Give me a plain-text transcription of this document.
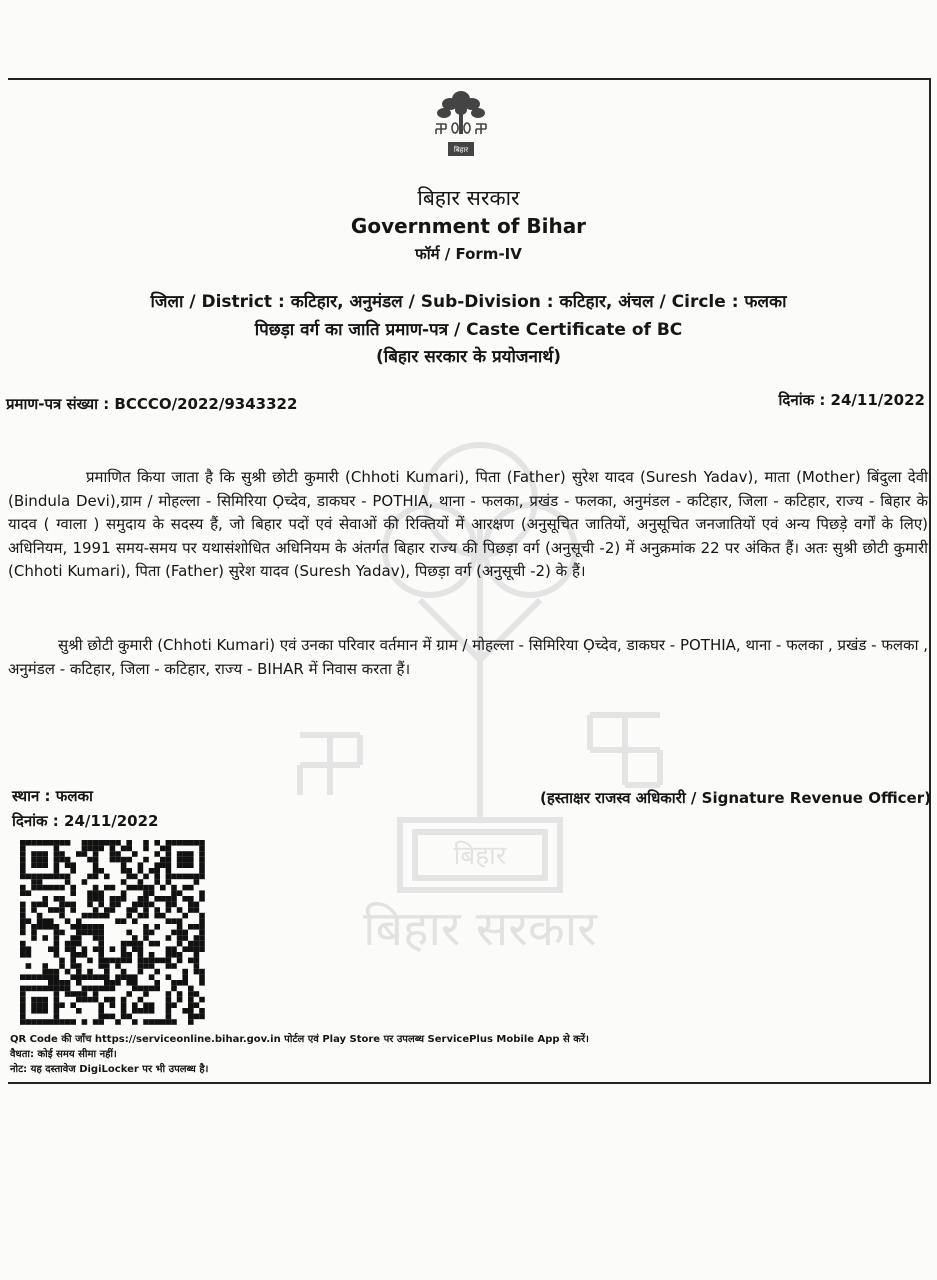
बिहार सरकार
बिहार
बिहार
बिहार सरकार
Government of Bihar
फॉर्म / Form-IV
जिला / District : कटिहार, अनुमंडल / Sub-Division : कटिहार, अंचल / Circle : फलका
पिछड़ा वर्ग का जाति प्रमाण-पत्र / Caste Certificate of BC
(बिहार सरकार के प्रयोजनार्थ)
प्रमाण-पत्र संख्या : BCCCO/2022/9343322	दिनांक : 24/11/2022
प्रमाणित किया जाता है कि सुश्री छोटी कुमारी (Chhoti Kumari), पिता (Father) सुरेश यादव (Suresh Yadav), माता (Mother) बिंदुला देवी (Bindula Devi),ग्राम / मोहल्ला - सिमिरिया Ọच्देव, डाकघर - POTHIA, थाना - फलका, प्रखंड - फलका, अनुमंडल - कटिहार, जिला - कटिहार, राज्य - बिहार के यादव ( ग्वाला ) समुदाय के सदस्य हैं, जो बिहार पदों एवं सेवाओं की रिक्तियों में आरक्षण (अनुसूचित जातियों, अनुसूचित जनजातियों एवं अन्य पिछड़े वर्गों के लिए) अधिनियम, 1991 समय-समय पर यथासंशोधित अधिनियम के अंतर्गत बिहार राज्य की पिछड़ा वर्ग (अनुसूची -2) में अनुक्रमांक 22 पर अंकित हैं। अतः सुश्री छोटी कुमारी (Chhoti Kumari), पिता (Father) सुरेश यादव (Suresh Yadav), पिछड़ा वर्ग (अनुसूची -2) के हैं।
सुश्री छोटी कुमारी (Chhoti Kumari) एवं उनका परिवार वर्तमान में ग्राम / मोहल्ला - सिमिरिया Ọच्देव, डाकघर - POTHIA, थाना - फलका , प्रखंड - फलका , अनुमंडल - कटिहार, जिला - कटिहार, राज्य - BIHAR में निवास करता हैं।
स्थान : फलका
दिनांक : 24/11/2022
(हस्ताक्षर राजस्व अधिकारी / Signature Revenue Officer)
QR Code की जाँच https://serviceonline.bihar.gov.in पोर्टल एवं Play Store पर उपलब्ध ServicePlus Mobile App से करें।
वैधता: कोई समय सीमा नहीं।
नोट: यह दस्तावेज DigiLocker पर भी उपलब्ध है।
